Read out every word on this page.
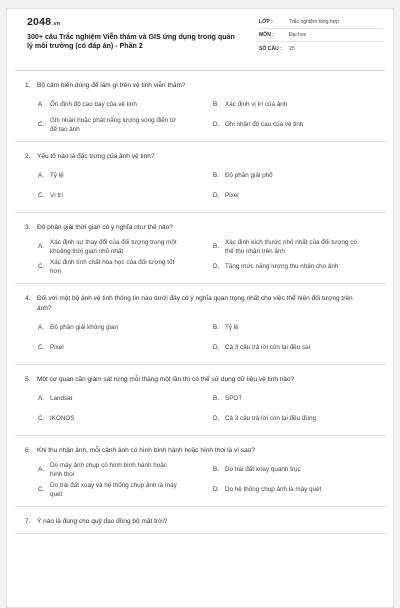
2048.vn
300+ câu Trắc nghiệm Viễn thám và GIS ứng dụng trong quản lý môi trường (có đáp án) - Phần 2
LỚP :	Trắc nghiệm tổng hợp
MÔN :	Đại học
SỐ CÂU :	25
1.	Bộ cảm biến dùng để làm gì trên vệ tinh viễn thám?
A. Ổn định độ cao bay của vệ tinh	B. Xác định vị trí của ảnh
C.
Ghi nhận hoặc phát năng lượng sóng điện từ để tạo ảnh
D. Ghi nhận độ cao của vệ tinh
2.	Yếu tố nào là đặc trưng của ảnh vệ tinh?
A. Tỷ lệ	B. Độ phân giải phổ
C. Vị trí	D. Pixel
3.	Độ phân giải thời gian có ý nghĩa như thế nào?
A.
Xác định sự thay đổi của đối tượng trong một khoảng thời gian nhỏ nhất
B.
Xác định kích thước nhỏ nhất của đối tượng có thể thu nhận trên ảnh
C.
Xác định tính chất hóa học của đối tượng tốt hơn
D. Tăng mức năng lượng thu nhận cho ảnh
4.	Đối với một bộ ảnh vệ tinh thông tin nào dưới đây có ý nghĩa quan trọng nhất cho việc thể hiện đối tượng trên ảnh?
A. Độ phân giải không gian	B. Tỷ lệ
C. Pixel	D. Cả 3 câu trả lời còn lại đều sai
5.	Một cơ quan cần giám sát rừng mỗi tháng một lần thì có thể sử dụng dữ liệu vệ tinh nào?
A. Landsat	B. SPOT
C. IKONOS	D. Cả 3 câu trả lời còn lại đều đúng
6.	Khi thu nhận ảnh, mỗi cảnh ảnh có hình bình hành hoặc hình thoi là vì sao?
A.
Do máy ảnh chụp có hình bình hành hoặc hình thoi
B. Do trái đất xoay quanh trục
C.
Do trái đất xoay và hệ thống chụp ảnh là máy quét
D. Do hệ thống chụp ảnh là máy quét
7.	Ý nào là đúng cho quỹ đạo đồng bộ mặt trời?
